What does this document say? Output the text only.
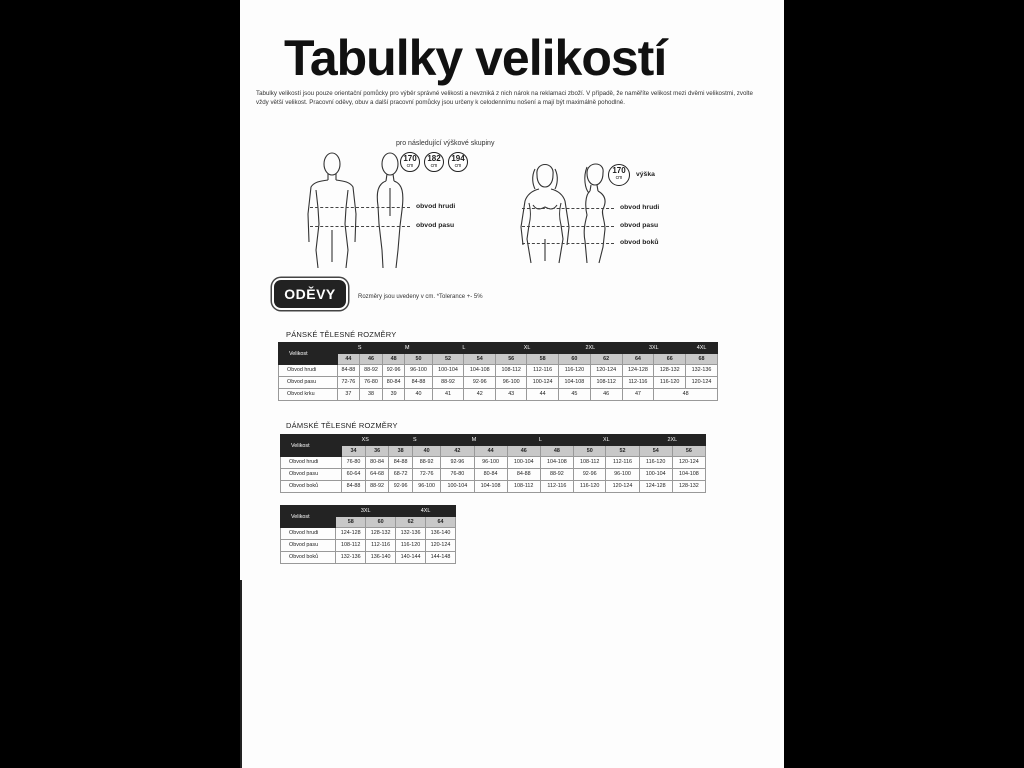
Tabulky velikostí

Tabulky velikostí jsou pouze orientační pomůcky pro výběr správné velikosti a nevzniká z nich nárok na reklamaci zboží. V případě, že naměříte velikost mezi dvěmi velikostmi, zvolte vždy větší velikost. Pracovní oděvy, obuv a další pracovní pomůcky jsou určeny k celodennímu nošení a mají být maximálně pohodlné.

pro následující výškové skupiny
170
cm
182
cm
194
cm
obvod hrudi
obvod pasu
170
cm	výška
obvod hrudi
obvod pasu
obvod boků
ODĚVY	Rozměry jsou uvedeny v cm. *Tolerance +- 5%
PÁNSKÉ TĚLESNÉ ROZMĚRY
Velikost	S		M		L		XL		2XL		3XL		4XL
	44	46	48	50	52	54	56	58	60	62	64	66	68
Obvod hrudi	84-88	88-92	92-96	96-100	100-104	104-108	108-112	112-116	116-120	120-124	124-128	128-132	132-136
Obvod pasu	72-76	76-80	80-84	84-88	88-92	92-96	96-100	100-124	104-108	108-112	112-116	116-120	120-124
Obvod krku	37	38	39	40	41	42	43	44	45	46	47	48	
DÁMSKÉ TĚLESNÉ ROZMĚRY
Velikost	XS		S		M		L		XL		2XL	
	34	36	38	40	42	44	46	48	50	52	54	56
Obvod hrudi	76-80	80-84	84-88	88-92	92-96	96-100	100-104	104-108	108-112	112-116	116-120	120-124
Obvod pasu	60-64	64-68	68-72	72-76	76-80	80-84	84-88	88-92	92-96	96-100	100-104	104-108
Obvod boků	84-88	88-92	92-96	96-100	100-104	104-108	108-112	112-116	116-120	120-124	124-128	128-132
Velikost	3XL		4XL	
	58	60	62	64
Obvod hrudi	124-128	128-132	132-136	136-140
Obvod pasu	108-112	112-116	116-120	120-124
Obvod boků	132-136	136-140	140-144	144-148
